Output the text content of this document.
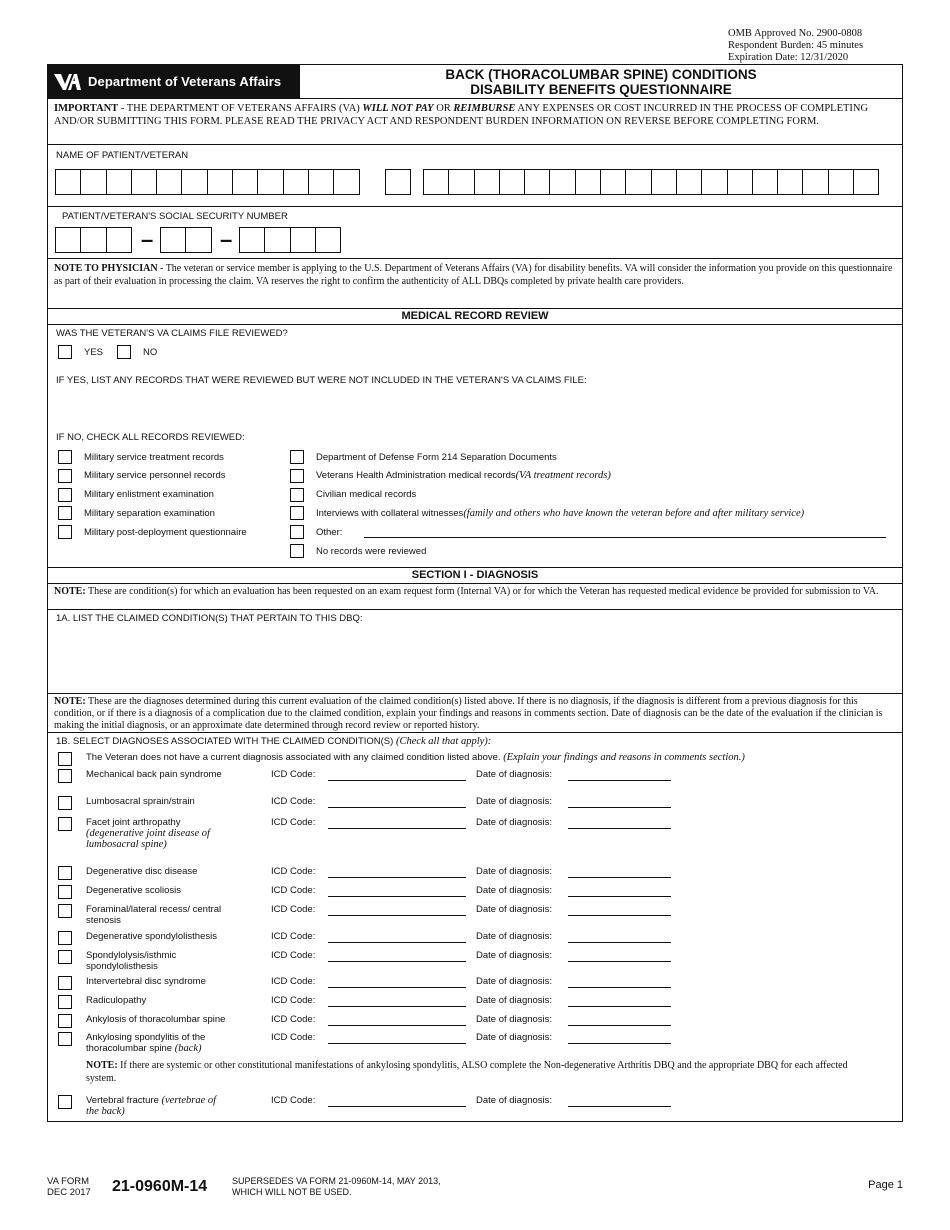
OMB Approved No. 2900-0808
Respondent Burden: 45 minutes
Expiration Date: 12/31/2020
Department of Veterans Affairs	BACK (THORACOLUMBAR SPINE) CONDITIONS
DISABILITY BENEFITS QUESTIONNAIRE
IMPORTANT - THE DEPARTMENT OF VETERANS AFFAIRS (VA) WILL NOT PAY OR REIMBURSE ANY EXPENSES OR COST INCURRED IN THE PROCESS OF COMPLETING AND/OR SUBMITTING THIS FORM. PLEASE READ THE PRIVACY ACT AND RESPONDENT BURDEN INFORMATION ON REVERSE BEFORE COMPLETING FORM.
NAME OF PATIENT/VETERAN
PATIENT/VETERAN'S SOCIAL SECURITY NUMBER
–	–
NOTE TO PHYSICIAN - The veteran or service member is applying to the U.S. Department of Veterans Affairs (VA) for disability benefits. VA will consider the information you provide on this questionnaire as part of their evaluation in processing the claim. VA reserves the right to confirm the authenticity of ALL DBQs completed by private health care providers.
MEDICAL RECORD REVIEW
WAS THE VETERAN'S VA CLAIMS FILE REVIEWED?
YES	NO
IF YES, LIST ANY RECORDS THAT WERE REVIEWED BUT WERE NOT INCLUDED IN THE VETERAN'S VA CLAIMS FILE:
IF NO, CHECK ALL RECORDS REVIEWED:
Military service treatment records
Military service personnel records
Military enlistment examination
Military separation examination
Military post-deployment questionnaire
Department of Defense Form 214 Separation Documents
Veterans Health Administration medical records (VA treatment records)
Civilian medical records
Interviews with collateral witnesses (family and others who have known the veteran before and after military service)
Other:
No records were reviewed
SECTION I - DIAGNOSIS
NOTE: These are condition(s) for which an evaluation has been requested on an exam request form (Internal VA) or for which the Veteran has requested medical evidence be provided for submission to VA.
1A. LIST THE CLAIMED CONDITION(S) THAT PERTAIN TO THIS DBQ:
NOTE: These are the diagnoses determined during this current evaluation of the claimed condition(s) listed above. If there is no diagnosis, if the diagnosis is different from a previous diagnosis for this condition, or if there is a diagnosis of a complication due to the claimed condition, explain your findings and reasons in comments section. Date of diagnosis can be the date of the evaluation if the clinician is making the initial diagnosis, or an approximate date determined through record review or reported history.
1B. SELECT DIAGNOSES ASSOCIATED WITH THE CLAIMED CONDITION(S) (Check all that apply):
The Veteran does not have a current diagnosis associated with any claimed condition listed above. (Explain your findings and reasons in comments section.)
Mechanical back pain syndrome	ICD Code:	Date of diagnosis:
Lumbosacral sprain/strain	ICD Code:	Date of diagnosis:
Facet joint arthropathy (degenerative joint disease of lumbosacral spine)
ICD Code:	Date of diagnosis:
Degenerative disc disease	ICD Code:	Date of diagnosis:
Degenerative scoliosis	ICD Code:	Date of diagnosis:
Foraminal/lateral recess/ central stenosis
ICD Code:	Date of diagnosis:
Degenerative spondylolisthesis	ICD Code:	Date of diagnosis:
Spondylolysis/isthmic spondylolisthesis
ICD Code:	Date of diagnosis:
Intervertebral disc syndrome	ICD Code:	Date of diagnosis:
Radiculopathy	ICD Code:	Date of diagnosis:
Ankylosis of thoracolumbar spine	ICD Code:	Date of diagnosis:
Ankylosing spondylitis of the thoracolumbar spine (back)
ICD Code:	Date of diagnosis:
NOTE: If there are systemic or other constitutional manifestations of ankylosing spondylitis, ALSO complete the Non-degenerative Arthritis DBQ and the appropriate DBQ for each affected system.
Vertebral fracture (vertebrae of the back)
ICD Code:	Date of diagnosis:
VA FORM
DEC 2017 21-0960M-14	SUPERSEDES VA FORM 21-0960M-14, MAY 2013,
WHICH WILL NOT BE USED.
Page 1
